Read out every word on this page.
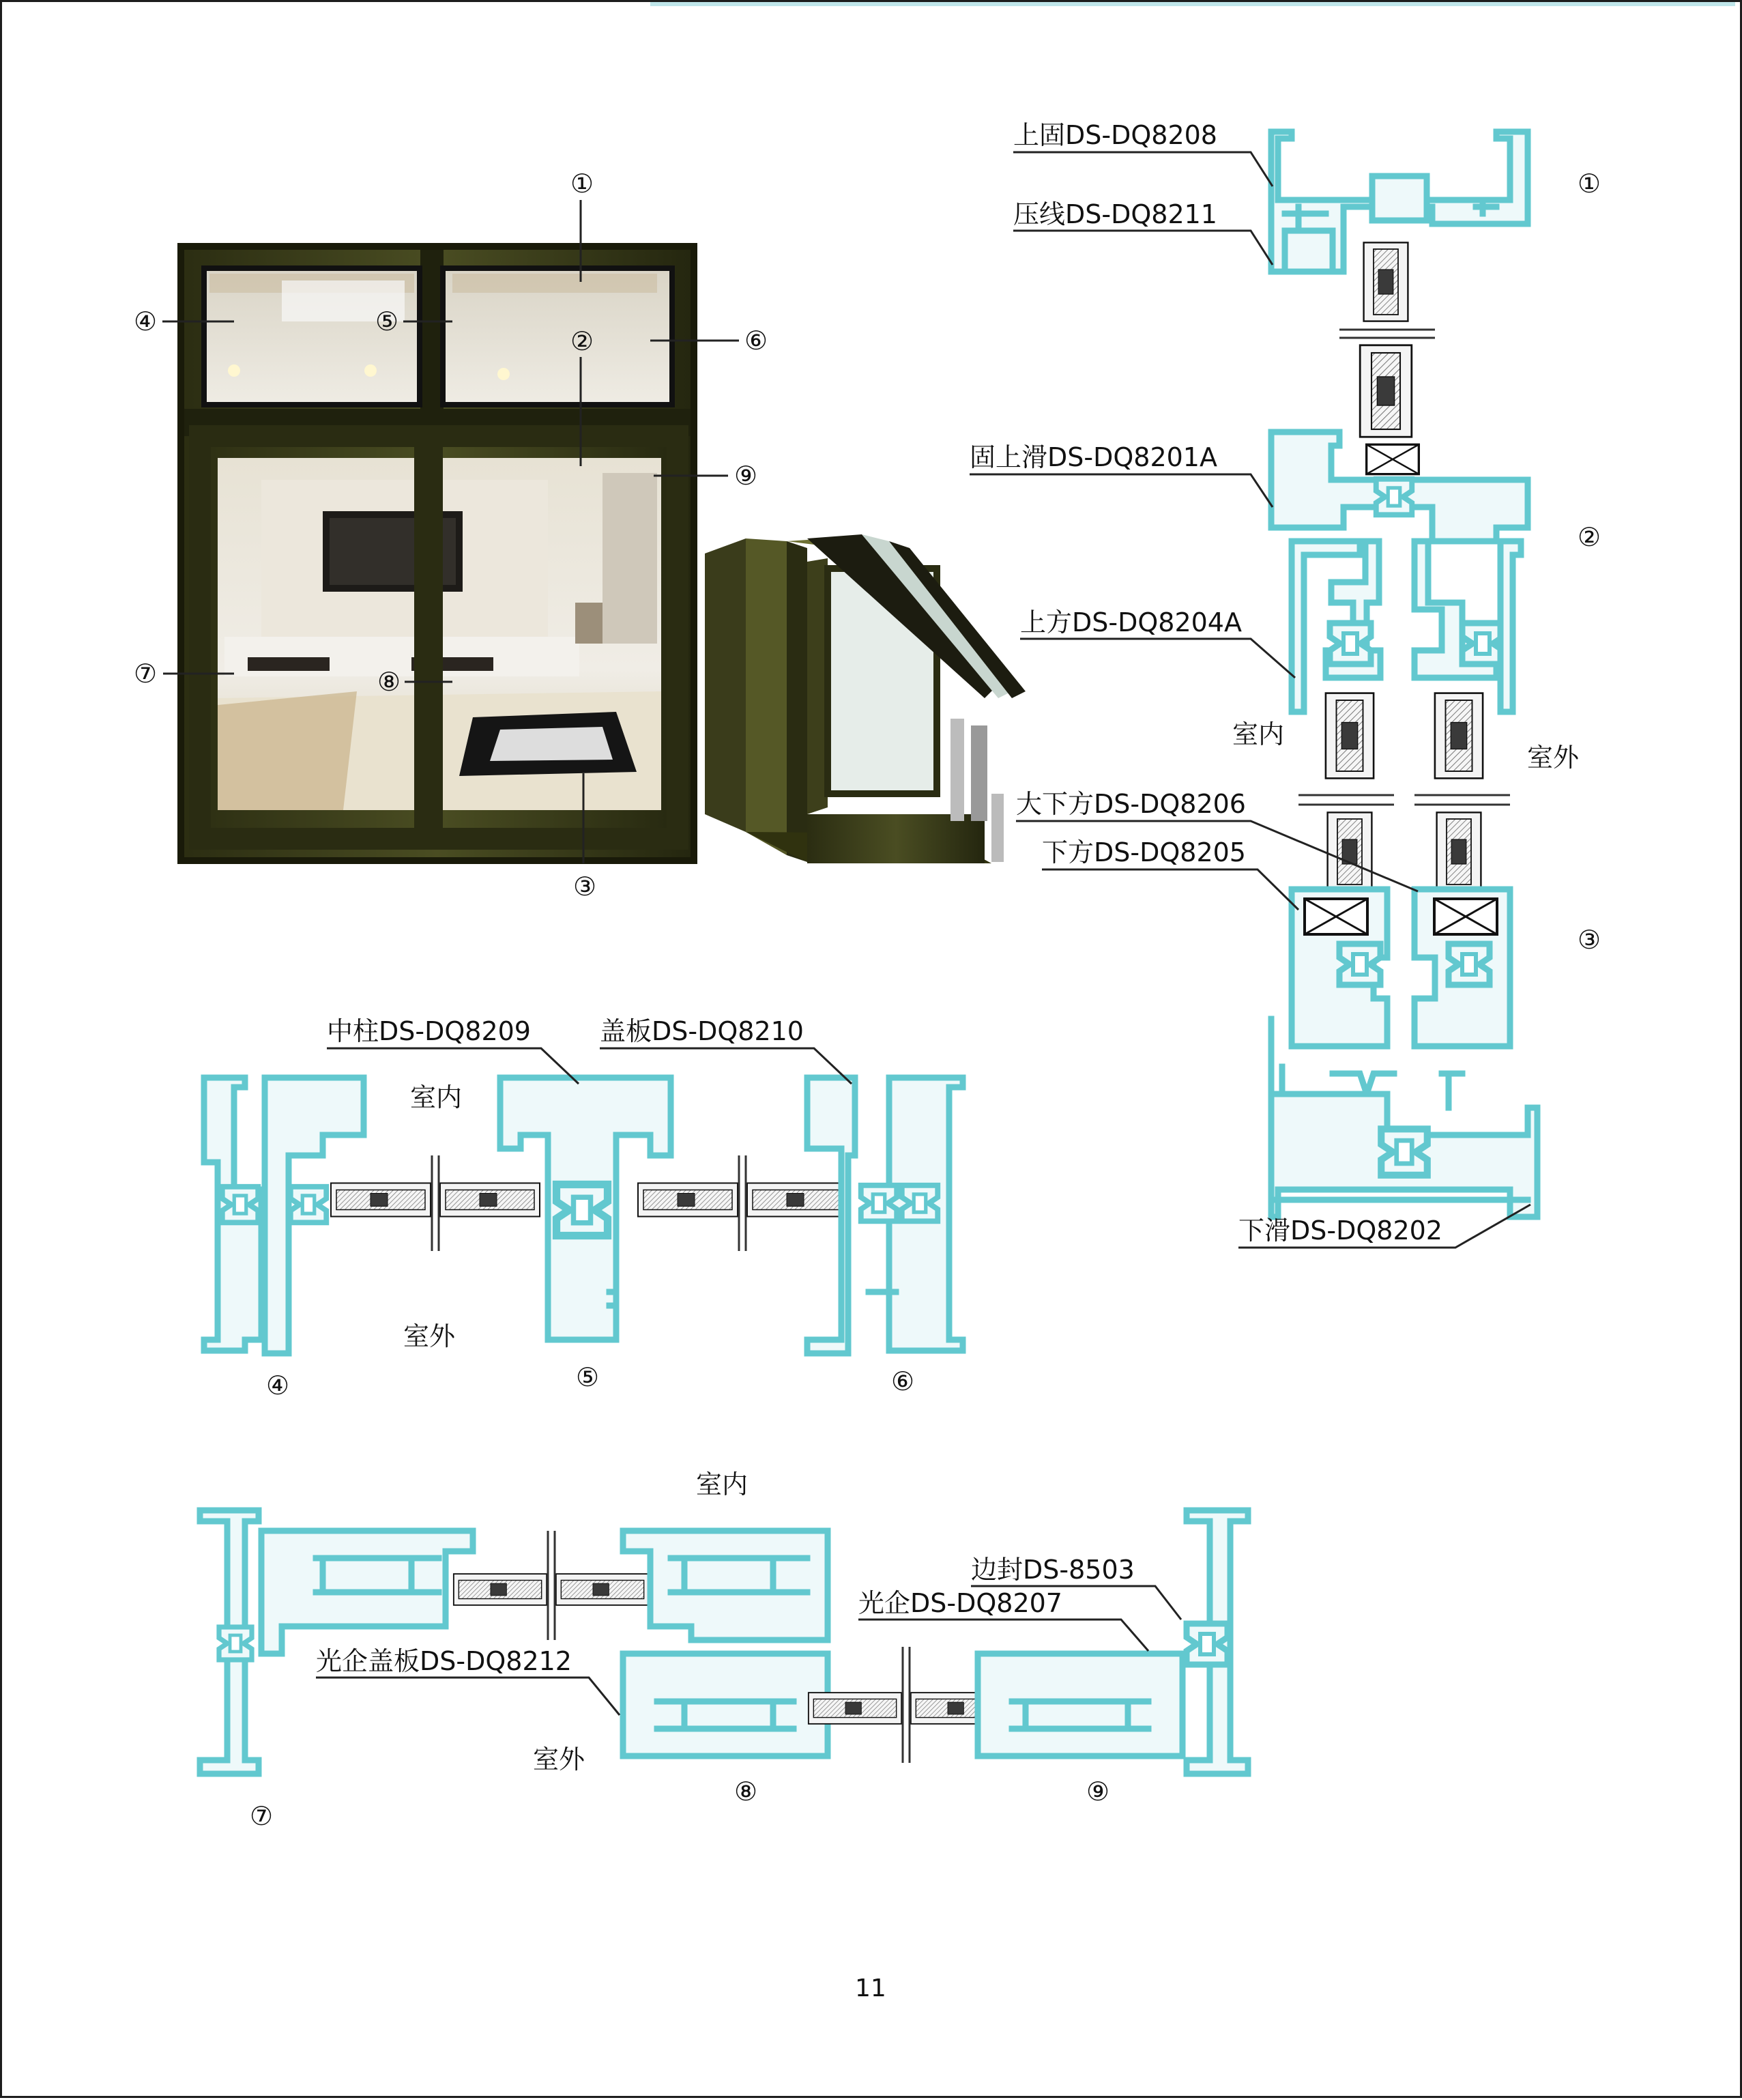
上固DS-DQ8208
压线DS-DQ8211
固上滑DS-DQ8201A
上方DS-DQ8204A
室内
室外
大下方DS-DQ8206
下方DS-DQ8205
下滑DS-DQ8202
中柱DS-DQ8209	盖板DS-DQ8210
室内
室外
室内
边封DS-8503
光企DS-DQ8207
光企盖板DS-DQ8212
室外
11
①
②
③
④	⑤
⑥
⑦	⑧
⑨
①
②
③
④	⑤	⑥
⑦
⑧	⑨
